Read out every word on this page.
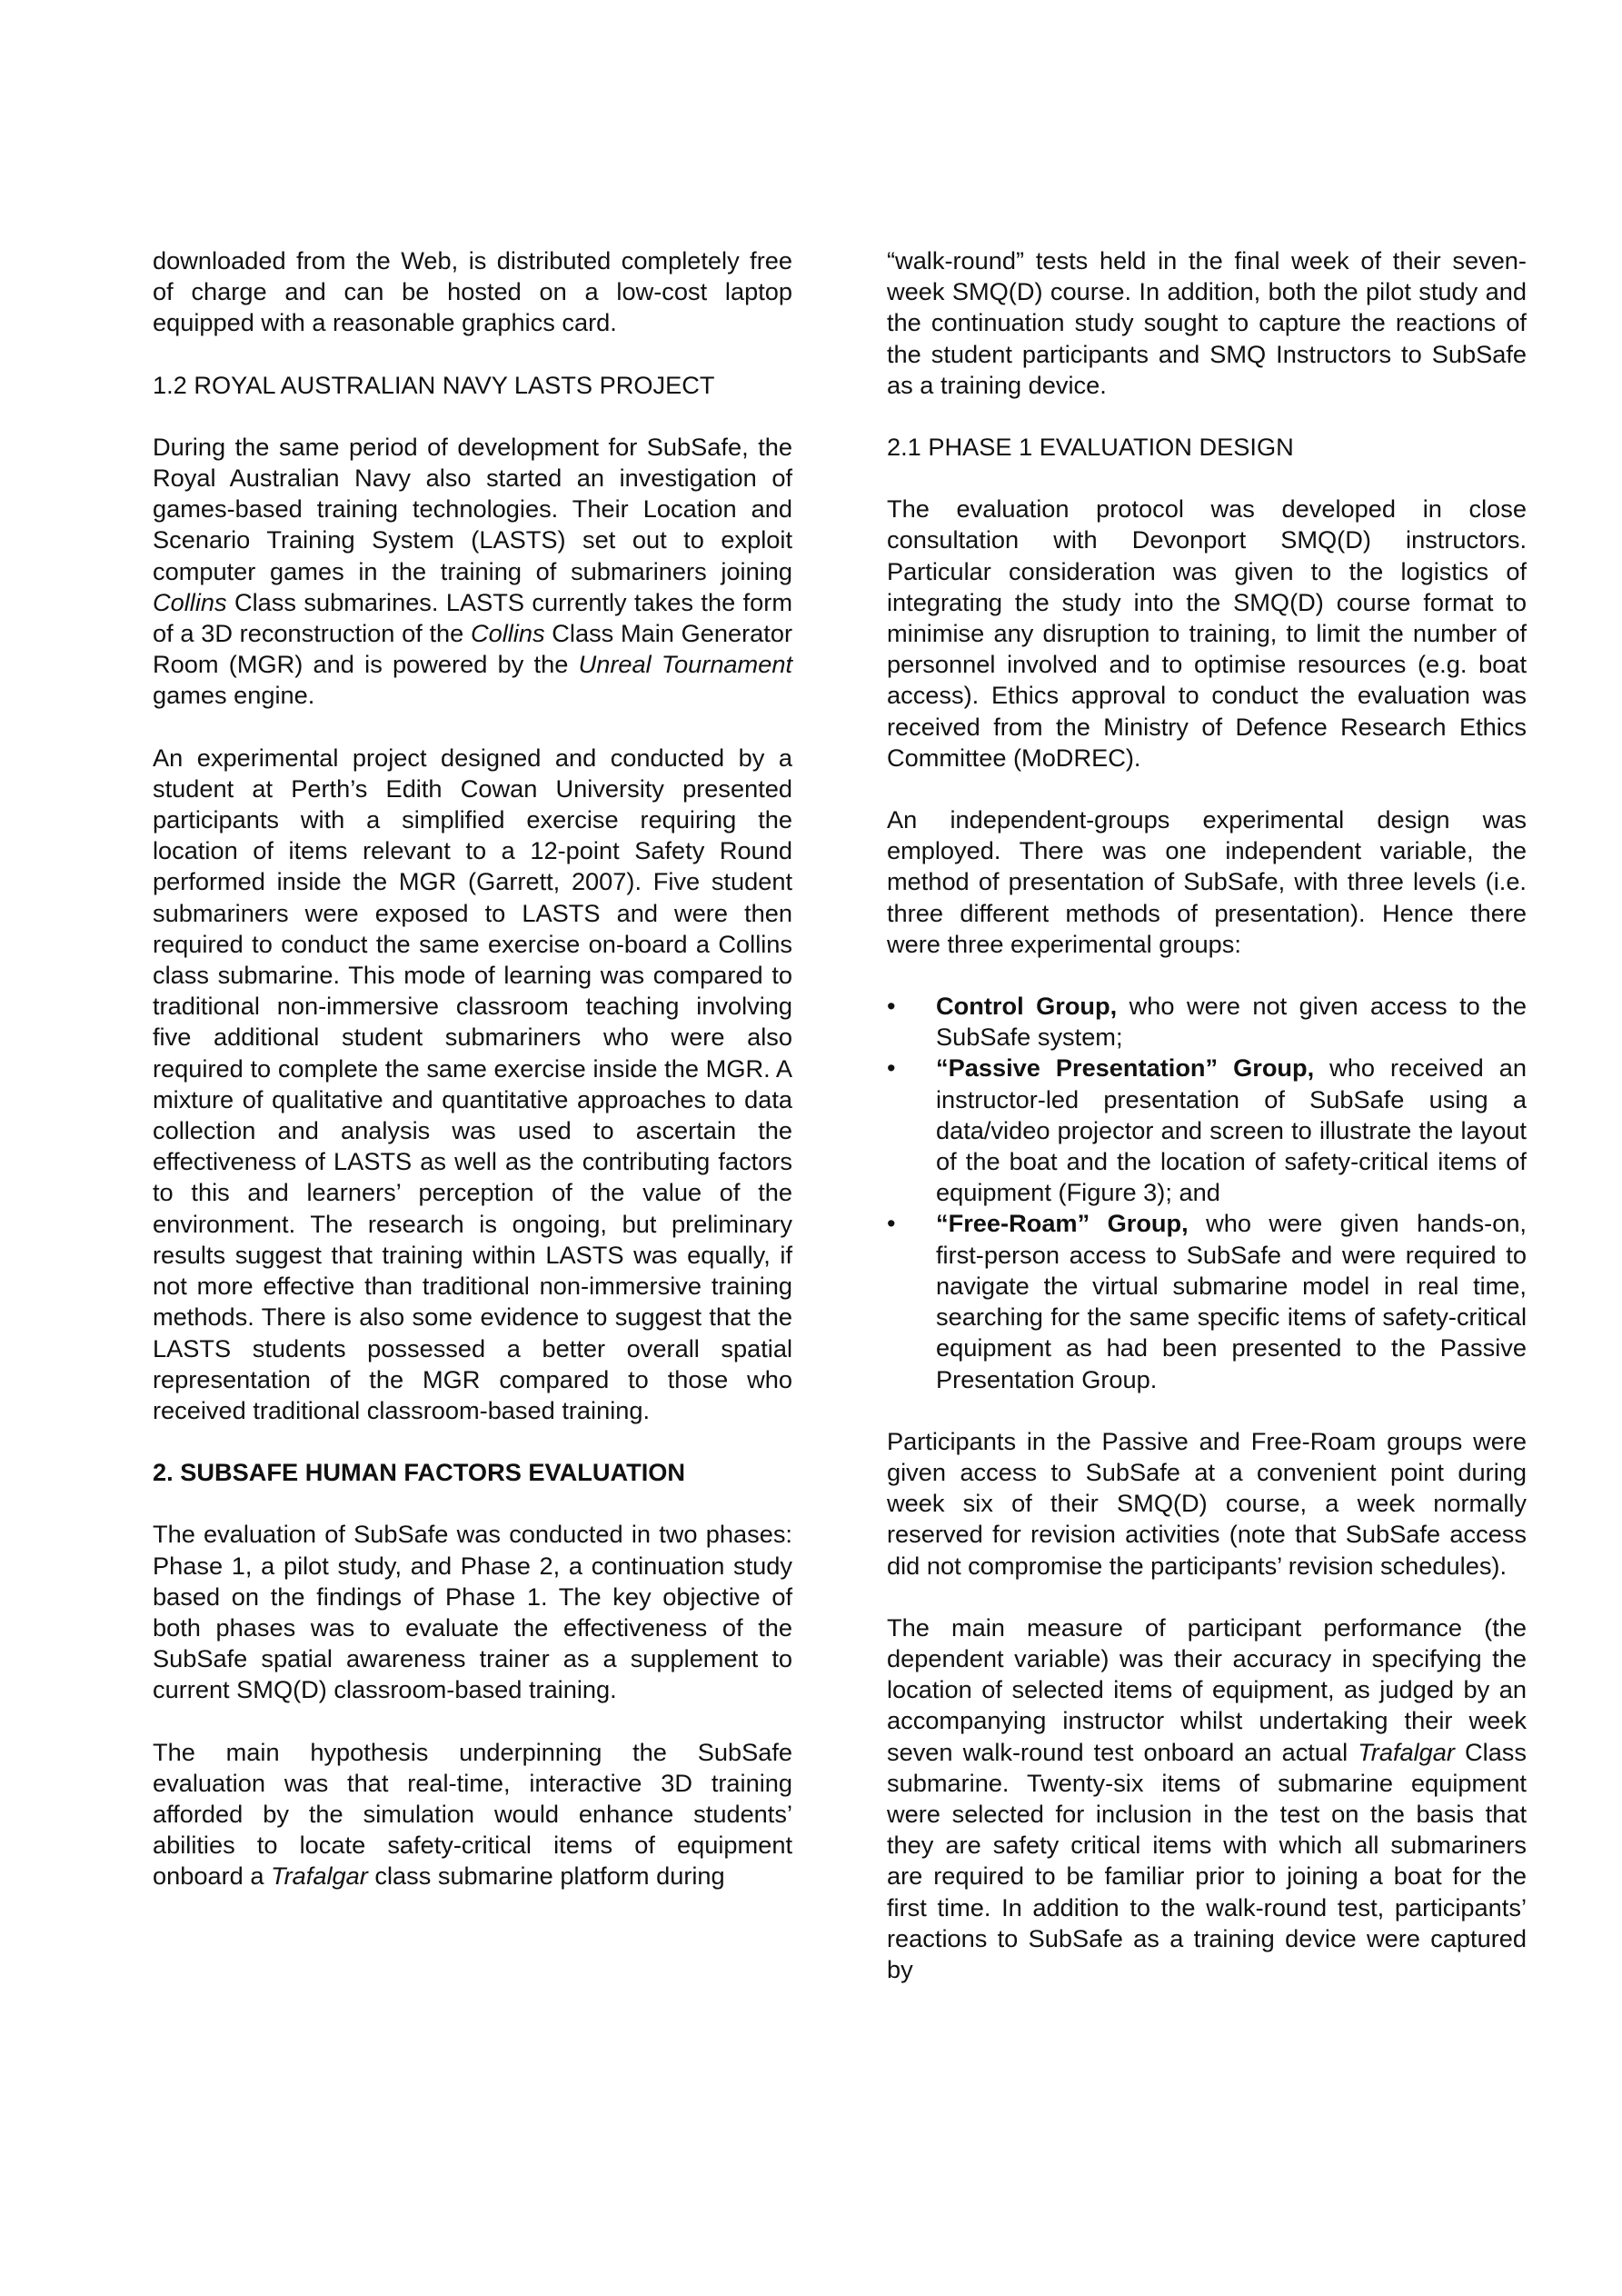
downloaded from the Web, is distributed completely free of charge and can be hosted on a low-cost laptop equipped with a reasonable graphics card.

1.2 ROYAL AUSTRALIAN NAVY LASTS PROJECT

During the same period of development for SubSafe, the Royal Australian Navy also started an investigation of games-based training technologies. Their Location and Scenario Training System (LASTS) set out to exploit computer games in the training of submariners joining Collins Class submarines. LASTS currently takes the form of a 3D reconstruction of the Collins Class Main Generator Room (MGR) and is powered by the Unreal Tournament games engine.

An experimental project designed and conducted by a student at Perth’s Edith Cowan University presented participants with a simplified exercise requiring the location of items relevant to a 12-point Safety Round performed inside the MGR (Garrett, 2007). Five student submariners were exposed to LASTS and were then required to conduct the same exercise on-board a Collins class submarine. This mode of learning was compared to traditional non-immersive classroom teaching involving five additional student submariners who were also required to complete the same exercise inside the MGR. A mixture of qualitative and quantitative approaches to data collection and analysis was used to ascertain the effectiveness of LASTS as well as the contributing factors to this and learners’ perception of the value of the environment. The research is ongoing, but preliminary results suggest that training within LASTS was equally, if not more effective than traditional non-immersive training methods. There is also some evidence to suggest that the LASTS students possessed a better overall spatial representation of the MGR compared to those who received traditional classroom-based training.

2. SUBSAFE HUMAN FACTORS EVALUATION

The evaluation of SubSafe was conducted in two phases: Phase 1, a pilot study, and Phase 2, a continuation study based on the findings of Phase 1. The key objective of both phases was to evaluate the effectiveness of the SubSafe spatial awareness trainer as a supplement to current SMQ(D) classroom-based training.

The main hypothesis underpinning the SubSafe evaluation was that real-time, interactive 3D training afforded by the simulation would enhance students’ abilities to locate safety-critical items of equipment onboard a Trafalgar class submarine platform during

“walk-round” tests held in the final week of their seven-week SMQ(D) course. In addition, both the pilot study and the continuation study sought to capture the reactions of the student participants and SMQ Instructors to SubSafe as a training device.

2.1 PHASE 1 EVALUATION DESIGN

The evaluation protocol was developed in close consultation with Devonport SMQ(D) instructors. Particular consideration was given to the logistics of integrating the study into the SMQ(D) course format to minimise any disruption to training, to limit the number of personnel involved and to optimise resources (e.g. boat access). Ethics approval to conduct the evaluation was received from the Ministry of Defence Research Ethics Committee (MoDREC).

An independent-groups experimental design was employed. There was one independent variable, the method of presentation of SubSafe, with three levels (i.e. three different methods of presentation). Hence there were three experimental groups:

• Control Group, who were not given access to the SubSafe system;
• “Passive Presentation” Group, who received an instructor-led presentation of SubSafe using a data/video projector and screen to illustrate the layout of the boat and the location of safety-critical items of equipment (Figure 3); and
• “Free-Roam” Group, who were given hands-on, first-person access to SubSafe and were required to navigate the virtual submarine model in real time, searching for the same specific items of safety-critical equipment as had been presented to the Passive Presentation Group.

Participants in the Passive and Free-Roam groups were given access to SubSafe at a convenient point during week six of their SMQ(D) course, a week normally reserved for revision activities (note that SubSafe access did not compromise the participants’ revision schedules).

The main measure of participant performance (the dependent variable) was their accuracy in specifying the location of selected items of equipment, as judged by an accompanying instructor whilst undertaking their week seven walk-round test onboard an actual Trafalgar Class submarine. Twenty-six items of submarine equipment were selected for inclusion in the test on the basis that they are safety critical items with which all submariners are required to be familiar prior to joining a boat for the first time. In addition to the walk-round test, participants’ reactions to SubSafe as a training device were captured by
